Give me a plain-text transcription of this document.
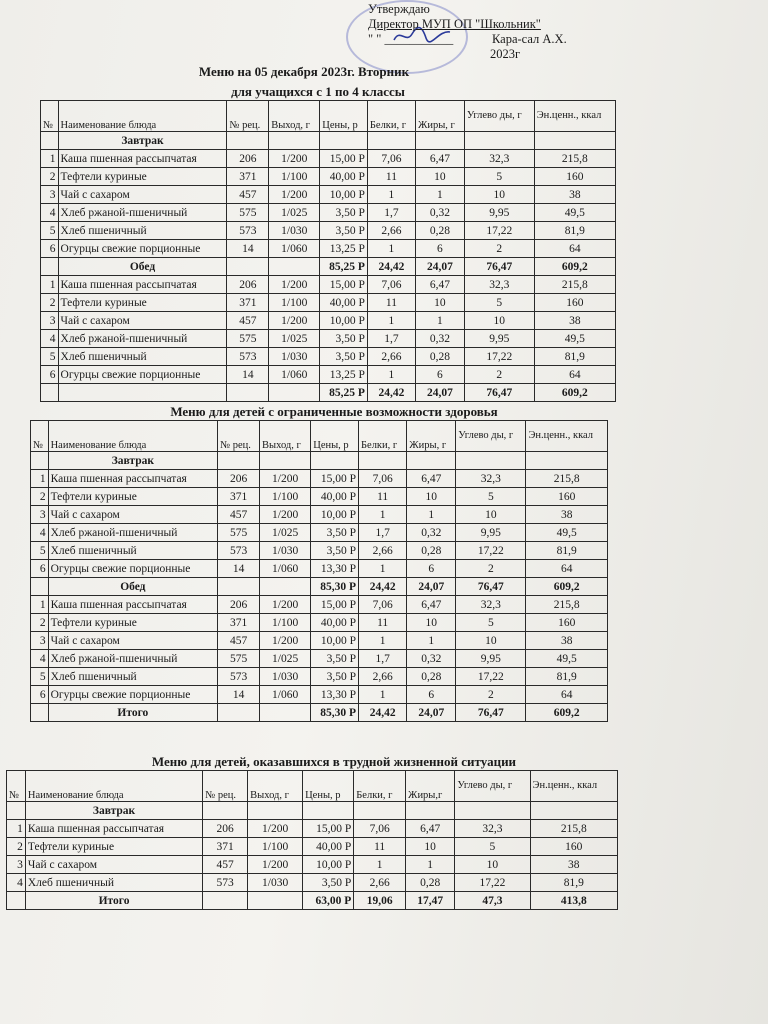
Утверждаю
Директор МУП ОП "Школьник"
" " ___________	Кара-сал А.Х.
2023г
Меню на 05 декабря 2023г. Вторник
для учащихся с 1 по 4 классы
№	Наименование блюда	№ рец.	Выход, г	Цены, р	Белки, г	Жиры, г	Углево ды, г	Эн.ценн., ккал
	Завтрак							
1	Каша пшенная рассыпчатая	206	1/200	15,00 Р	7,06	6,47	32,3	215,8
2	Тефтели куриные	371	1/100	40,00 Р	11	10	5	160
3	Чай с сахаром	457	1/200	10,00 Р	1	1	10	38
4	Хлеб ржаной-пшеничный	575	1/025	3,50 Р	1,7	0,32	9,95	49,5
5	Хлеб пшеничный	573	1/030	3,50 Р	2,66	0,28	17,22	81,9
6	Огурцы свежие порционные	14	1/060	13,25 Р	1	6	2	64
	Обед			85,25 Р	24,42	24,07	76,47	609,2
1	Каша пшенная рассыпчатая	206	1/200	15,00 Р	7,06	6,47	32,3	215,8
2	Тефтели куриные	371	1/100	40,00 Р	11	10	5	160
3	Чай с сахаром	457	1/200	10,00 Р	1	1	10	38
4	Хлеб ржаной-пшеничный	575	1/025	3,50 Р	1,7	0,32	9,95	49,5
5	Хлеб пшеничный	573	1/030	3,50 Р	2,66	0,28	17,22	81,9
6	Огурцы свежие порционные	14	1/060	13,25 Р	1	6	2	64
				85,25 Р	24,42	24,07	76,47	609,2
Меню для детей с ограниченные возможности здоровья
№	Наименование блюда	№ рец.	Выход, г	Цены, р	Белки, г	Жиры, г	Углево ды, г	Эн.ценн., ккал
	Завтрак							
1	Каша пшенная рассыпчатая	206	1/200	15,00 Р	7,06	6,47	32,3	215,8
2	Тефтели куриные	371	1/100	40,00 Р	11	10	5	160
3	Чай с сахаром	457	1/200	10,00 Р	1	1	10	38
4	Хлеб ржаной-пшеничный	575	1/025	3,50 Р	1,7	0,32	9,95	49,5
5	Хлеб пшеничный	573	1/030	3,50 Р	2,66	0,28	17,22	81,9
6	Огурцы свежие порционные	14	1/060	13,30 Р	1	6	2	64
	Обед			85,30 Р	24,42	24,07	76,47	609,2
1	Каша пшенная рассыпчатая	206	1/200	15,00 Р	7,06	6,47	32,3	215,8
2	Тефтели куриные	371	1/100	40,00 Р	11	10	5	160
3	Чай с сахаром	457	1/200	10,00 Р	1	1	10	38
4	Хлеб ржаной-пшеничный	575	1/025	3,50 Р	1,7	0,32	9,95	49,5
5	Хлеб пшеничный	573	1/030	3,50 Р	2,66	0,28	17,22	81,9
6	Огурцы свежие порционные	14	1/060	13,30 Р	1	6	2	64
	Итого			85,30 Р	24,42	24,07	76,47	609,2
Меню для детей, оказавшихся в трудной жизненной ситуации
№	Наименование блюда	№ рец.	Выход, г	Цены, р	Белки, г	Жиры,г	Углево ды, г	Эн.ценн., ккал
	Завтрак							
1	Каша пшенная рассыпчатая	206	1/200	15,00 Р	7,06	6,47	32,3	215,8
2	Тефтели куриные	371	1/100	40,00 Р	11	10	5	160
3	Чай с сахаром	457	1/200	10,00 Р	1	1	10	38
4	Хлеб пшеничный	573	1/030	3,50 Р	2,66	0,28	17,22	81,9
	Итого			63,00 Р	19,06	17,47	47,3	413,8
